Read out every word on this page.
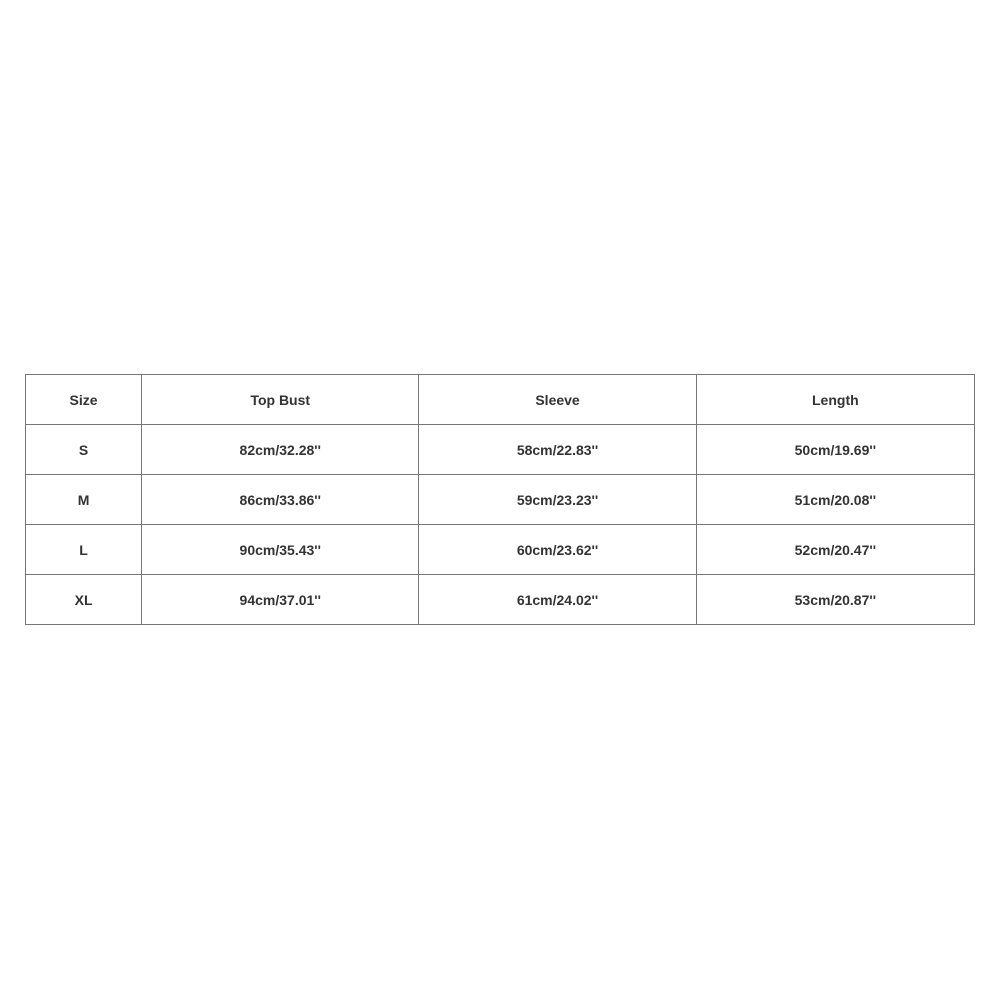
Size	Top Bust	Sleeve	Length
S	82cm/32.28''	58cm/22.83''	50cm/19.69''
M	86cm/33.86''	59cm/23.23''	51cm/20.08''
L	90cm/35.43''	60cm/23.62''	52cm/20.47''
XL	94cm/37.01''	61cm/24.02''	53cm/20.87''
